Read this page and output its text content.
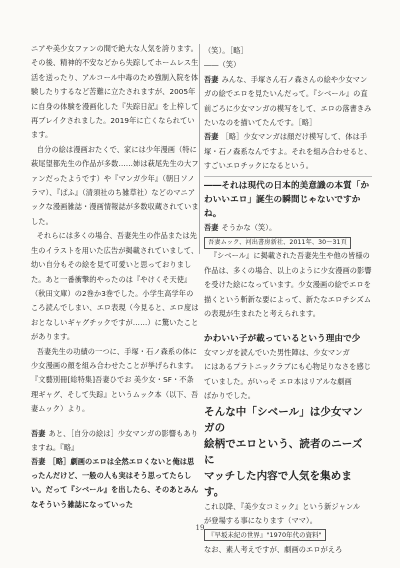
ニアや美少女ファンの間で絶大な人気を誇ります。その後、精神的不安などから失踪してホームレス生活を送ったり、アルコール中毒のため強制入院を体験したりするなど苦難に立たされますが、2005年に自身の体験を漫画化した『失踪日記』を上梓して再ブレイクされました。2019年に亡くなられています。

自分の絵は漫画おたくで、家には少年漫画（特に萩尾望都先生の作品が多数……姉は萩尾先生の大ファンだったようです）や『マンガ少年』（朝日ソノラマ）、『ぱふ』（清須社のち雑草社）などのマニアックな漫画雑誌・漫画情報誌が多数収蔵されていました。

それらには多くの場合、吾妻先生の作品または先生のイラストを用いた広告が掲載されていまして、幼い自分もその絵を見て可愛いと思っておりました。あと一番衝撃的やったのは『やけくそ天使』（秋田文庫）の2巻か3巻でした。小学生高学年のころ読んでしまい、エロ表現（今見ると、エロ度はおとなしいギャグチックですが……）に驚いたことがあります。

吾妻先生の功績の一つに、手塚・石ノ森系の体に少女漫画の顔を組み合わせたことが挙げられます。『文藝別冊[総特集]吾妻ひでお 美少女・SF・不条理ギャグ、そして失踪』というムック本（以下、吾妻ムック）より。

吾妻 あと、［自分の絵は］少女マンガの影響もありますね。『略』
吾妻 ［略］劇画のエロは全然エロくないと俺は思ったんだけど、一般の人も実はそう思ってたらしい。だって『シベール』を出したら、そのあとみんなそういう雑誌になっていった
（笑）。［略］
――（笑）
吾妻 みんな、手塚さん石ノ森さんの絵や少女マンガの絵でエロを見たいんだって。『シベール』の直前ごろに少女マンガの模写をして、エロの落書きみたいなのを描いてたんです。［略］
吾妻 ［略］少女マンガは顔だけ模写して、体は手塚・石ノ森系なんですよ。それを組み合わせると、すごいエロチックになるという。
――それは現代の日本的美意識の本質「かわいいエロ」誕生の瞬間じゃないですかね。
吾妻 そうかな（笑）。
吾妻ムック、河出書房新社、2011年、30～31頁

『シベール』に掲載された吾妻先生や他の皆様の作品は、多くの場合、以上のように少女漫画の影響を受けた絵になっています。少女漫画の絵でエロを描くという斬新な要によって、新たなエロチシズムの表現が生まれたと考えられます。

かわいい子が載っているという理由で少
女マンガを読んでいた男性陣は、少女マンガ
にはあるプラトニックラブにも心物足りなさを感じ
ていました。がいっそ エロ本はリアルな劇画
ばかりでした。
そんな中「シベール」は少女マンガの
絵柄でエロという、読者のニーズに
マッチした内容で人気を集めます。
これ以降、『美少女コミック』という新ジャンル
が登場する事になります（ママ）。
『早坂未紀の世界』"1970年代の資料"

なお、素人考えですが、劇画のエロがえろ

19
